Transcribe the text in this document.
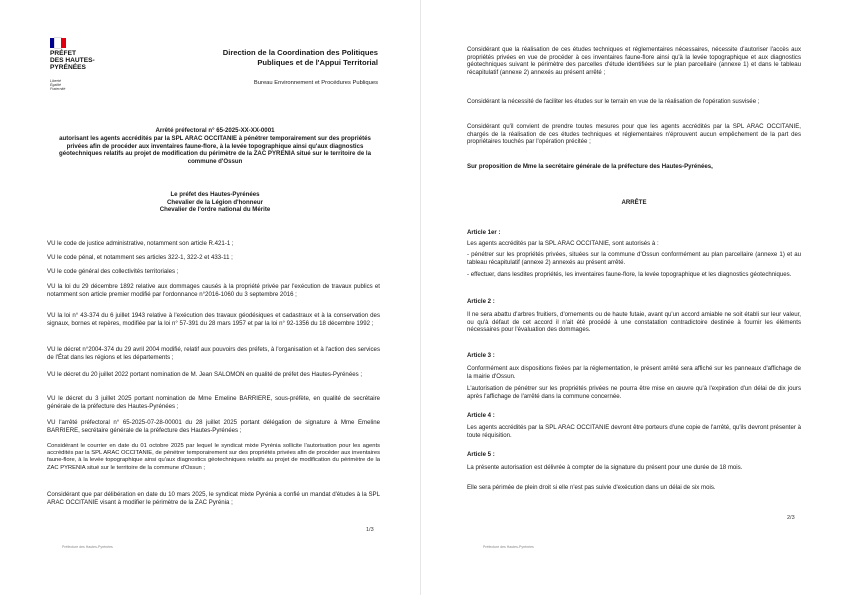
PRÉFET
DES HAUTES-
PYRÉNÉES
Liberté
Égalité
Fraternité
Direction de la Coordination des Politiques
Publiques et de l'Appui Territorial
Bureau Environnement et Procédures Publiques
Arrêté préfectoral n° 65-2025-XX-XX-0001
autorisant les agents accrédités par la SPL ARAC OCCITANIE à pénétrer temporairement sur des propriétés privées afin de procéder aux inventaires faune-flore, à la levée topographique ainsi qu'aux diagnostics géotechniques relatifs au projet de modification du périmètre de la ZAC PYRENIA situé sur le territoire de la commune d'Ossun
Le préfet des Hautes-Pyrénées
Chevalier de la Légion d'honneur
Chevalier de l'ordre national du Mérite
VU le code de justice administrative, notamment son article R.421-1 ;
VU le code pénal, et notamment ses articles 322-1, 322-2 et 433-11 ;
VU le code général des collectivités territoriales ;
VU la loi du 29 décembre 1892 relative aux dommages causés à la propriété privée par l'exécution de travaux publics et notamment son article premier modifié par l'ordonnance n°2016-1060 du 3 septembre 2016 ;
VU la loi n° 43-374 du 6 juillet 1943 relative à l'exécution des travaux géodésiques et cadastraux et à la conservation des signaux, bornes et repères, modifiée par la loi n° 57-391 du 28 mars 1957 et par la loi n° 92-1356 du 18 décembre 1992 ;
VU le décret n°2004-374 du 29 avril 2004 modifié, relatif aux pouvoirs des préfets, à l'organisation et à l'action des services de l'État dans les régions et les départements ;
VU le décret du 20 juillet 2022 portant nomination de M. Jean SALOMON en qualité de préfet des Hautes-Pyrénées ;
VU le décret du 3 juillet 2025 portant nomination de Mme Emeline BARRIERE, sous-préfète, en qualité de secrétaire générale de la préfecture des Hautes-Pyrénées ;
VU l'arrêté préfectoral n° 65-2025-07-28-00001 du 28 juillet 2025 portant délégation de signature à Mme Emeline BARRIERE, secrétaire générale de la préfecture des Hautes-Pyrénées ;
Considérant le courrier en date du 01 octobre 2025 par lequel le syndicat mixte Pyrénia sollicite l'autorisation pour les agents accrédités par la SPL ARAC OCCITANIE, de pénétrer temporairement sur des propriétés privées afin de procéder aux inventaires faune-flore, à la levée topographique ainsi qu'aux diagnostics géotechniques relatifs au projet de modification du périmètre de la ZAC PYRENIA situé sur le territoire de la commune d'Ossun ;
Considérant que par délibération en date du 10 mars 2025, le syndicat mixte Pyrénia a confié un mandat d'études à la SPL ARAC OCCITANIE visant à modifier le périmètre de la ZAC Pyrénia ;
1/3
Préfecture des Hautes-Pyrénées
Considérant que la réalisation de ces études techniques et réglementaires nécessaires, nécessite d'autoriser l'accès aux propriétés privées en vue de procéder à ces inventaires faune-flore ainsi qu'à la levée topographique et aux diagnostics géotechniques suivant le périmètre des parcelles d'étude identifiées sur le plan parcellaire (annexe 1) et dans le tableau récapitulatif (annexe 2) annexés au présent arrêté ;
Considérant la nécessité de faciliter les études sur le terrain en vue de la réalisation de l'opération susvisée ;
Considérant qu'il convient de prendre toutes mesures pour que les agents accrédités par la SPL ARAC OCCITANIE, chargés de la réalisation de ces études techniques et réglementaires n'éprouvent aucun empêchement de la part des propriétaires touchés par l'opération précitée ;
Sur proposition de Mme la secrétaire générale de la préfecture des Hautes-Pyrénées,
ARRÊTE
Article 1er :
Les agents accrédités par la SPL ARAC OCCITANIE, sont autorisés à :
- pénétrer sur les propriétés privées, situées sur la commune d'Ossun conformément au plan parcellaire (annexe 1) et au tableau récapitulatif (annexe 2) annexés au présent arrêté.
- effectuer, dans lesdites propriétés, les inventaires faune-flore, la levée topographique et les diagnostics géotechniques.
Article 2 :
Il ne sera abattu d'arbres fruitiers, d'ornements ou de haute futaie, avant qu'un accord amiable ne soit établi sur leur valeur, ou qu'à défaut de cet accord il n'ait été procédé à une constatation contradictoire destinée à fournir les éléments nécessaires pour l'évaluation des dommages.
Article 3 :
Conformément aux dispositions fixées par la réglementation, le présent arrêté sera affiché sur les panneaux d'affichage de la mairie d'Ossun.
L'autorisation de pénétrer sur les propriétés privées ne pourra être mise en œuvre qu'à l'expiration d'un délai de dix jours après l'affichage de l'arrêté dans la commune concernée.
Article 4 :
Les agents accrédités par la SPL ARAC OCCITANIE devront être porteurs d'une copie de l'arrêté, qu'ils devront présenter à toute réquisition.
Article 5 :
La présente autorisation est délivrée à compter de la signature du présent pour une durée de 18 mois.
Elle sera périmée de plein droit si elle n'est pas suivie d'exécution dans un délai de six mois.
2/3
Préfecture des Hautes-Pyrénées
